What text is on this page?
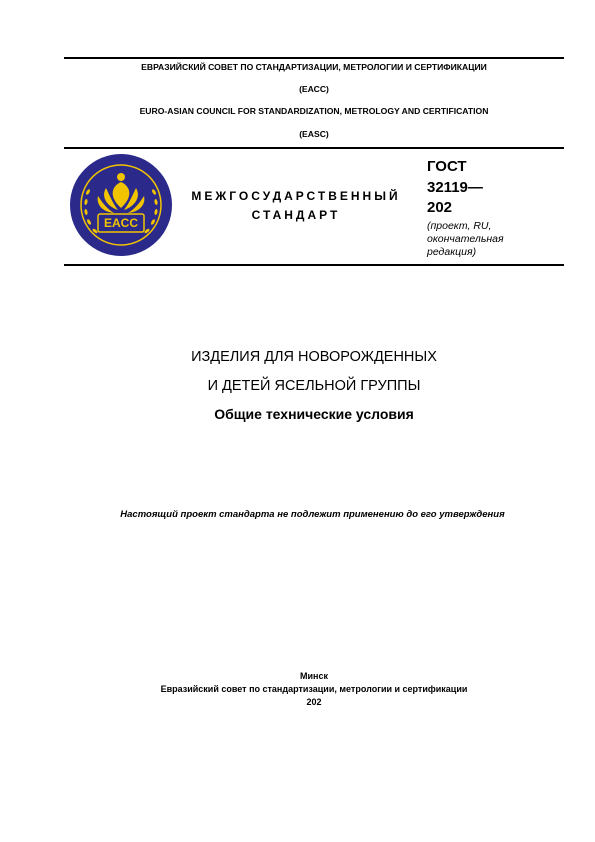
ЕВРАЗИЙСКИЙ СОВЕТ ПО СТАНДАРТИЗАЦИИ, МЕТРОЛОГИИ И СЕРТИФИКАЦИИ
(ЕАСС)
EURO-ASIAN COUNCIL FOR STANDARDIZATION, METROLOGY AND CERTIFICATION
(EASC)
EACC
МЕЖГОСУДАРСТВЕННЫЙ
СТАНДАРТ
ГОСТ
32119—
202
(проект, RU,
окончательная
редакция)
ИЗДЕЛИЯ ДЛЯ НОВОРОЖДЕННЫХ
И ДЕТЕЙ ЯСЕЛЬНОЙ ГРУППЫ
Общие технические условия
Настоящий проект стандарта не подлежит применению до его утверждения
Минск
Евразийский совет по стандартизации, метрологии и сертификации
202
